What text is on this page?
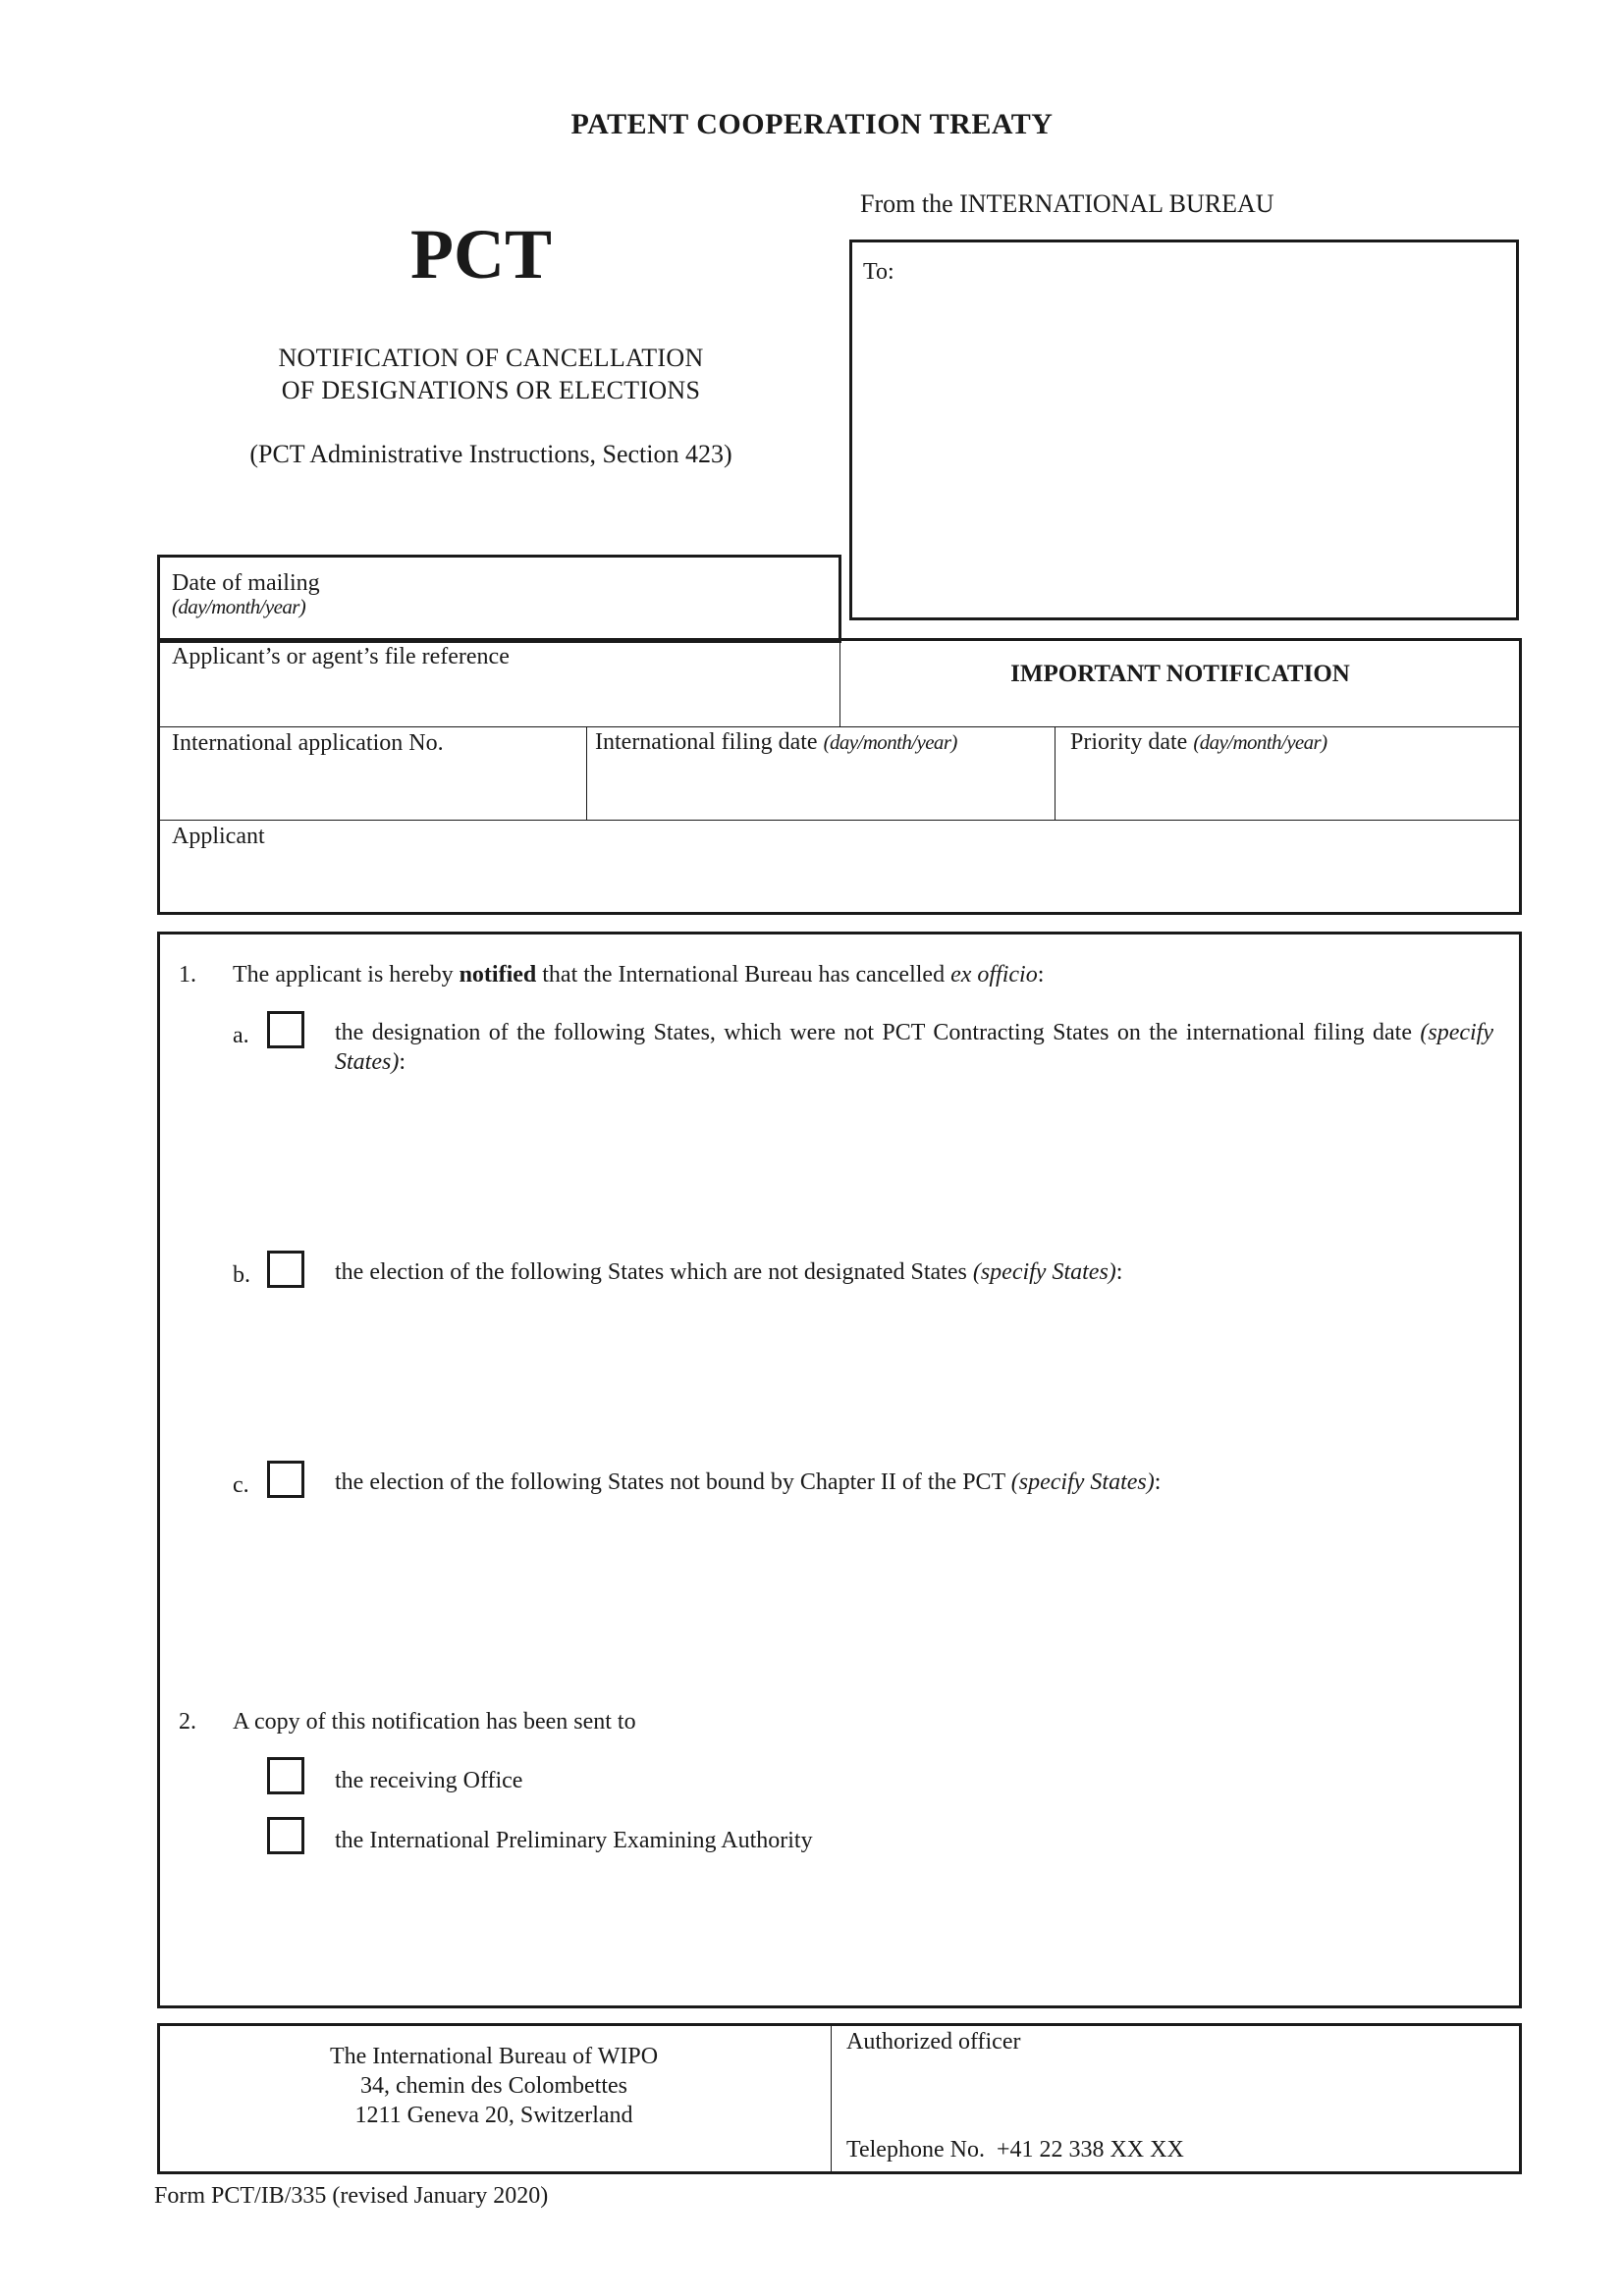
PATENT COOPERATION TREATY
From the INTERNATIONAL BUREAU
PCT
NOTIFICATION OF CANCELLATION
OF DESIGNATIONS OR ELECTIONS
(PCT Administrative Instructions, Section 423)
To:
Date of mailing
(day/month/year)
Applicant’s or agent’s file reference
IMPORTANT NOTIFICATION
International application No.	International filing date (day/month/year)	Priority date (day/month/year)
Applicant
1. The applicant is hereby notified that the International Bureau has cancelled ex officio:
a.	the designation of the following States, which were not PCT Contracting States on the international filing date (specify States):
b.	the election of the following States which are not designated States (specify States):
c.	the election of the following States not bound by Chapter II of the PCT (specify States):
2. A copy of this notification has been sent to
the receiving Office
the International Preliminary Examining Authority
The International Bureau of WIPO
34, chemin des Colombettes
1211 Geneva 20, Switzerland
Authorized officer
Telephone No.  +41 22 338 XX XX
Form PCT/IB/335 (revised January 2020)
